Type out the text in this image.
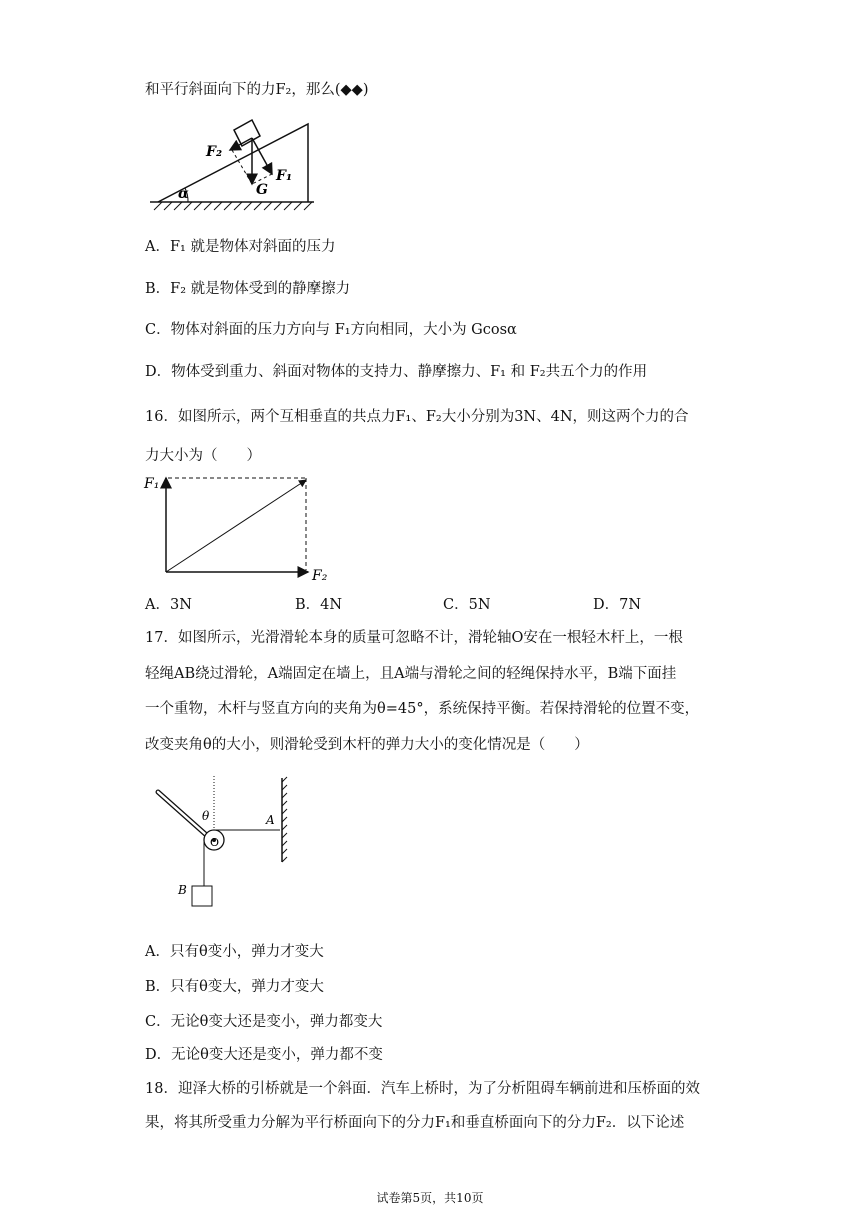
和平行斜面向下的力F₂，那么(◆◆)
α
F₂
F₁
G
A．F₁ 就是物体对斜面的压力
B．F₂ 就是物体受到的静摩擦力
C．物体对斜面的压力方向与 F₁方向相同，大小为 Gcosα
D．物体受到重力、斜面对物体的支持力、静摩擦力、F₁ 和 F₂共五个力的作用
16．如图所示，两个互相垂直的共点力F₁、F₂大小分别为3N、4N，则这两个力的合
力大小为（　　）
F₁
F₂
A．3N	B．4N	C．5N	D．7N
17．如图所示，光滑滑轮本身的质量可忽略不计，滑轮轴O安在一根轻木杆上，一根
轻绳AB绕过滑轮，A端固定在墙上，且A端与滑轮之间的轻绳保持水平，B端下面挂
一个重物，木杆与竖直方向的夹角为θ=45°，系统保持平衡。若保持滑轮的位置不变，
改变夹角θ的大小，则滑轮受到木杆的弹力大小的变化情况是（　　）
θ	A
O
B
A．只有θ变小，弹力才变大
B．只有θ变大，弹力才变大
C．无论θ变大还是变小，弹力都变大
D．无论θ变大还是变小，弹力都不变
18．迎泽大桥的引桥就是一个斜面．汽车上桥时，为了分析阻碍车辆前进和压桥面的效
果，将其所受重力分解为平行桥面向下的分力F₁和垂直桥面向下的分力F₂．以下论述
试卷第5页，共10页
